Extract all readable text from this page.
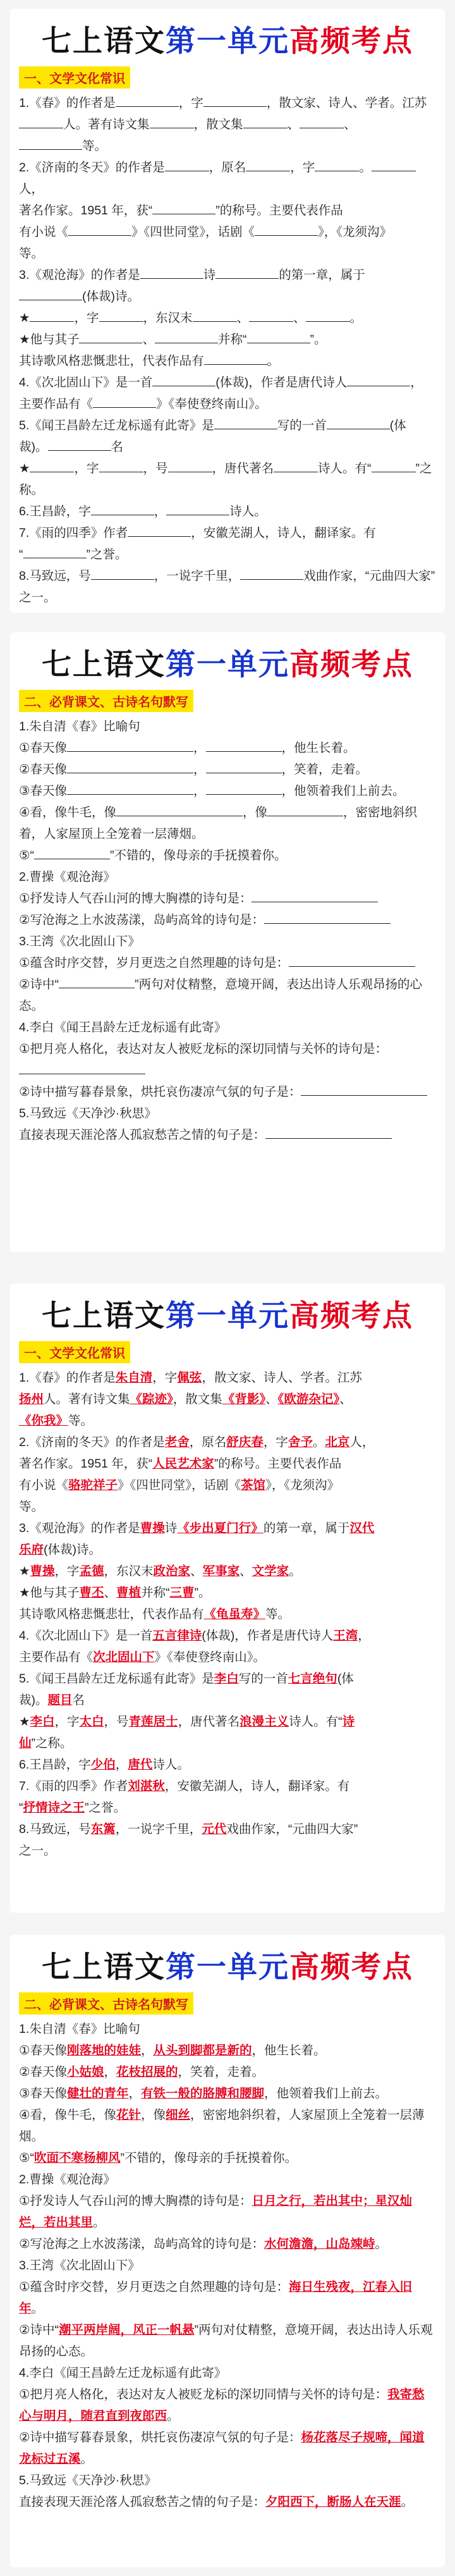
七上语文第一单元高频考点
一、文学文化常识

1.《春》的作者是	，字	，散文家、诗人、学者。江苏

人。著有诗文集	，散文集	、	、

等。

2.《济南的冬天》的作者是	，原名	，字	。人，

著名作家。1951 年，获“	”的称号。主要代表作品

有小说《	》《四世同堂》，话剧《	》，《龙须沟》

等。

3.《观沧海》的作者是	诗	的第一章，属于

(体裁)诗。

★	，字	，东汉末	、	、	。

★他与其子	、	并称“	”。

其诗歌风格悲慨悲壮，代表作品有	。

4.《次北固山下》是一首	(体裁)，作者是唐代诗人	，

主要作品有《	》《奉使登终南山》。

5.《闻王昌龄左迁龙标遥有此寄》是	写的一首	(体

裁)。	名

★	，字	，号	，唐代著名	诗人。有“	”之称。

6.王昌龄，字	，	诗人。

7.《雨的四季》作者	，安徽芜湖人，诗人，翻译家。有

“	”之誉。

8.马致远，号	，一说字千里，	戏曲作家，“元曲四大家”

之一。

七上语文第一单元高频考点
二、必背课文、古诗名句默写

1.朱自清《春》比喻句

①春天像	，	，他生长着。

②春天像	，	，笑着，走着。

③春天像	，	，他领着我们上前去。

④看，像牛毛，像	，像	，密密地斜织着，人家屋顶上全笼着一层薄烟。

⑤“	”不错的，像母亲的手抚摸着你。

2.曹操《观沧海》

①抒发诗人气吞山河的博大胸襟的诗句是：

②写沧海之上水波荡漾，岛屿高耸的诗句是：

3.王湾《次北固山下》

①蕴含时序交替，岁月更迭之自然理趣的诗句是：

②诗中“	”两句对仗精整，意境开阔，表达出诗人乐观昂扬的心态。

4.李白《闻王昌龄左迁龙标遥有此寄》

①把月亮人格化，表达对友人被贬龙标的深切同情与关怀的诗句是：

②诗中描写暮春景象，烘托哀伤凄凉气氛的句子是：

5.马致远《天净沙·秋思》

直接表现天涯沦落人孤寂愁苦之情的句子是：

七上语文第一单元高频考点
一、文学文化常识

1.《春》的作者是朱自清，字佩弦，散文家、诗人、学者。江苏

扬州人。著有诗文集《踪迹》，散文集《背影》、《欧游杂记》、

《你我》等。

2.《济南的冬天》的作者是老舍，原名舒庆春，字舍予。北京人，

著名作家。1951 年，获“人民艺术家”的称号。主要代表作品

有小说《骆驼祥子》《四世同堂》，话剧《茶馆》，《龙须沟》

等。

3.《观沧海》的作者是曹操诗《步出夏门行》的第一章，属于汉代

乐府(体裁)诗。

★曹操，字孟德，东汉末政治家、军事家、文学家。

★他与其子曹丕、曹植并称“三曹”。

其诗歌风格悲慨悲壮，代表作品有《龟虽寿》等。

4.《次北固山下》是一首五言律诗(体裁)，作者是唐代诗人王湾，

主要作品有《次北固山下》《奉使登终南山》。

5.《闻王昌龄左迁龙标遥有此寄》是李白写的一首七言绝句(体

裁)。题目名

★李白，字太白，号青莲居士，唐代著名浪漫主义诗人。有“诗

仙”之称。

6.王昌龄，字少伯，唐代诗人。

7.《雨的四季》作者刘湛秋，安徽芜湖人，诗人，翻译家。有

“抒情诗之王”之誉。

8.马致远，号东篱，一说字千里，元代戏曲作家，“元曲四大家”

之一。

七上语文第一单元高频考点
二、必背课文、古诗名句默写

1.朱自清《春》比喻句

①春天像刚落地的娃娃，从头到脚都是新的，他生长着。

②春天像小姑娘，花枝招展的，笑着，走着。

③春天像健壮的青年，有铁一般的胳膊和腰脚，他领着我们上前去。

④看，像牛毛，像花针，像细丝，密密地斜织着，人家屋顶上全笼着一层薄烟。

⑤“吹面不寒杨柳风”不错的，像母亲的手抚摸着你。

2.曹操《观沧海》

①抒发诗人气吞山河的博大胸襟的诗句是：日月之行，若出其中；星汉灿烂，若出其里。

②写沧海之上水波荡漾，岛屿高耸的诗句是：水何澹澹，山岛竦峙。

3.王湾《次北固山下》

①蕴含时序交替，岁月更迭之自然理趣的诗句是：海日生残夜，江春入旧年。

②诗中“潮平两岸阔，风正一帆悬”两句对仗精整，意境开阔，表达出诗人乐观昂扬的心态。

4.李白《闻王昌龄左迁龙标遥有此寄》

①把月亮人格化，表达对友人被贬龙标的深切同情与关怀的诗句是：我寄愁心与明月，随君直到夜郎西。

②诗中描写暮春景象，烘托哀伤凄凉气氛的句子是：杨花落尽子规啼，闻道龙标过五溪。

5.马致远《天净沙·秋思》

直接表现天涯沦落人孤寂愁苦之情的句子是：夕阳西下，断肠人在天涯。
